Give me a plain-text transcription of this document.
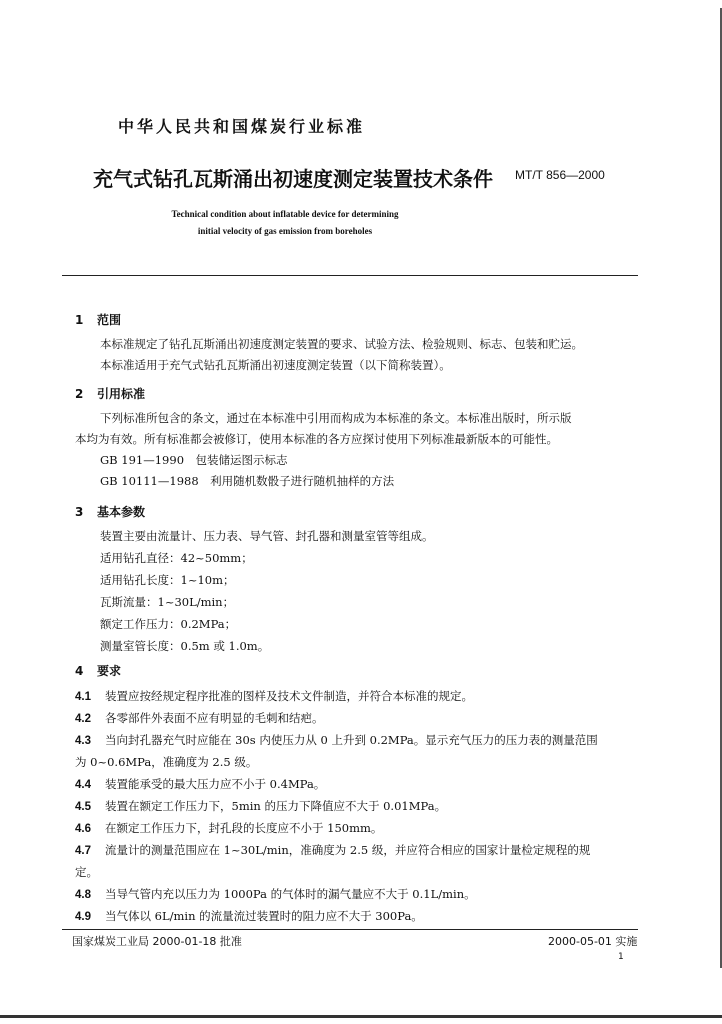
中华人民共和国煤炭行业标准
充气式钻孔瓦斯涌出初速度测定装置技术条件 MT/T 856—2000
Technical condition about inflatable device for determining
initial velocity of gas emission from boreholes
1 范围
本标准规定了钻孔瓦斯涌出初速度测定装置的要求、试验方法、检验规则、标志、包装和贮运。
本标准适用于充气式钻孔瓦斯涌出初速度测定装置（以下简称装置）。
2 引用标准
下列标准所包含的条文，通过在本标准中引用而构成为本标准的条文。本标准出版时，所示版
本均为有效。所有标准都会被修订，使用本标准的各方应探讨使用下列标准最新版本的可能性。
GB 191—1990　包装储运图示标志
GB 10111—1988　利用随机数骰子进行随机抽样的方法
3 基本参数
装置主要由流量计、压力表、导气管、封孔器和测量室管等组成。
适用钻孔直径：42~50mm；
适用钻孔长度：1~10m；
瓦斯流量：1~30L/min；
额定工作压力：0.2MPa；
测量室管长度：0.5m 或 1.0m。
4 要求
4.1 装置应按经规定程序批准的图样及技术文件制造，并符合本标准的规定。
4.2 各零部件外表面不应有明显的毛刺和结疤。
4.3 当向封孔器充气时应能在 30s 内使压力从 0 上升到 0.2MPa。显示充气压力的压力表的测量范围
为 0~0.6MPa，准确度为 2.5 级。
4.4 装置能承受的最大压力应不小于 0.4MPa。
4.5 装置在额定工作压力下，5min 的压力下降值应不大于 0.01MPa。
4.6 在额定工作压力下，封孔段的长度应不小于 150mm。
4.7 流量计的测量范围应在 1~30L/min，准确度为 2.5 级，并应符合相应的国家计量检定规程的规
定。
4.8 当导气管内充以压力为 1000Pa 的气体时的漏气量应不大于 0.1L/min。
4.9 当气体以 6L/min 的流量流过装置时的阻力应不大于 300Pa。
国家煤炭工业局 2000-01-18 批准	2000-05-01 实施
1
